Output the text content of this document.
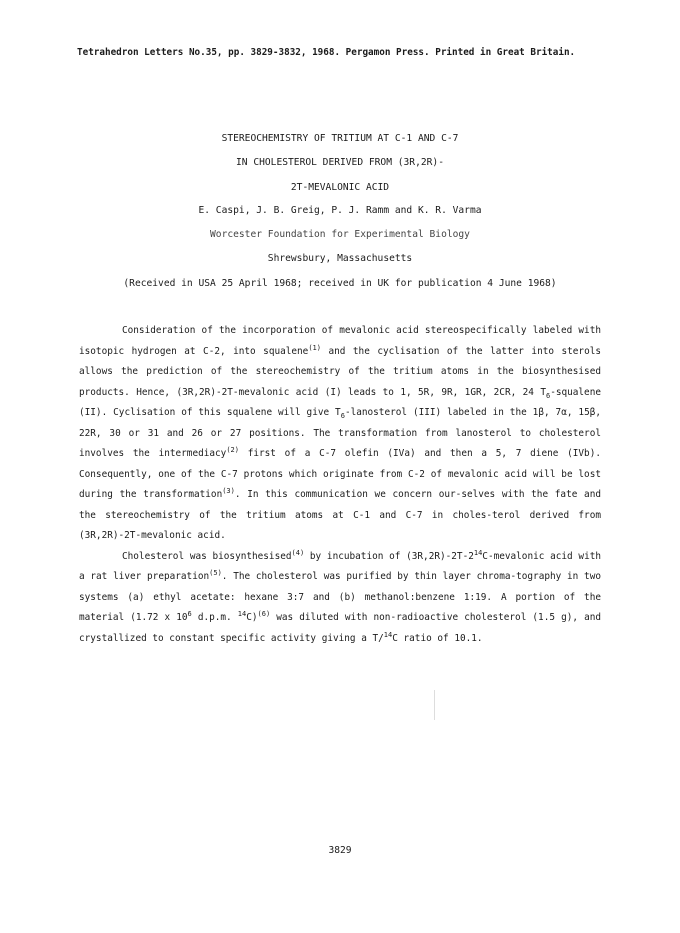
Tetrahedron Letters No.35, pp. 3829-3832, 1968. Pergamon Press. Printed in Great Britain.
STEREOCHEMISTRY OF TRITIUM AT C-1 AND C-7
IN CHOLESTEROL DERIVED FROM (3R,2R)-
2T-MEVALONIC ACID
E. Caspi, J. B. Greig, P. J. Ramm and K. R. Varma
Worcester Foundation for Experimental Biology
Shrewsbury, Massachusetts
(Received in USA 25 April 1968; received in UK for publication 4 June 1968)

Consideration of the incorporation of mevalonic acid stereospecifically labeled with isotopic hydrogen at C-2, into squalene$^{(1)}$ and the cyclisation of the latter into sterols allows the prediction of the stereochemistry of the tritium atoms in the biosynthesised products. Hence, (3R,2R)-2T-mevalonic acid (I) leads to 1, 5R, 9R, 1GR, 2CR, 24 $T_6$-squalene (II). Cyclisation of this squalene will give $T_6$-lanosterol (III) labeled in the 1β, 7α, 15β, 22R, 30 or 31 and 26 or 27 positions. The transformation from lanosterol to cholesterol involves the intermediacy$^{(2)}$ first of a C-7 olefin (IVa) and then a 5, 7 diene (IVb). Consequently, one of the C-7 protons which originate from C-2 of mevalonic acid will be lost during the transformation$^{(3)}$. In this communication we concern our-selves with the fate and the stereochemistry of the tritium atoms at C-1 and C-7 in choles-terol derived from (3R,2R)-2T-mevalonic acid.

Cholesterol was biosynthesised$^{(4)}$ by incubation of $(3R,2R)-2T-2^{14}C$-mevalonic acid with a rat liver preparation$^{(5)}$. The cholesterol was purified by thin layer chroma-tography in two systems (a) ethyl acetate: hexane 3:7 and (b) methanol:benzene 1:19. A portion of the material (1.72 x $10^6$ d.p.m. $^{14}$C)$^{(6)}$ was diluted with non-radioactive cholesterol (1.5 g), and crystallized to constant specific activity giving a T/$^{14}$C ratio of 10.1.

3829
